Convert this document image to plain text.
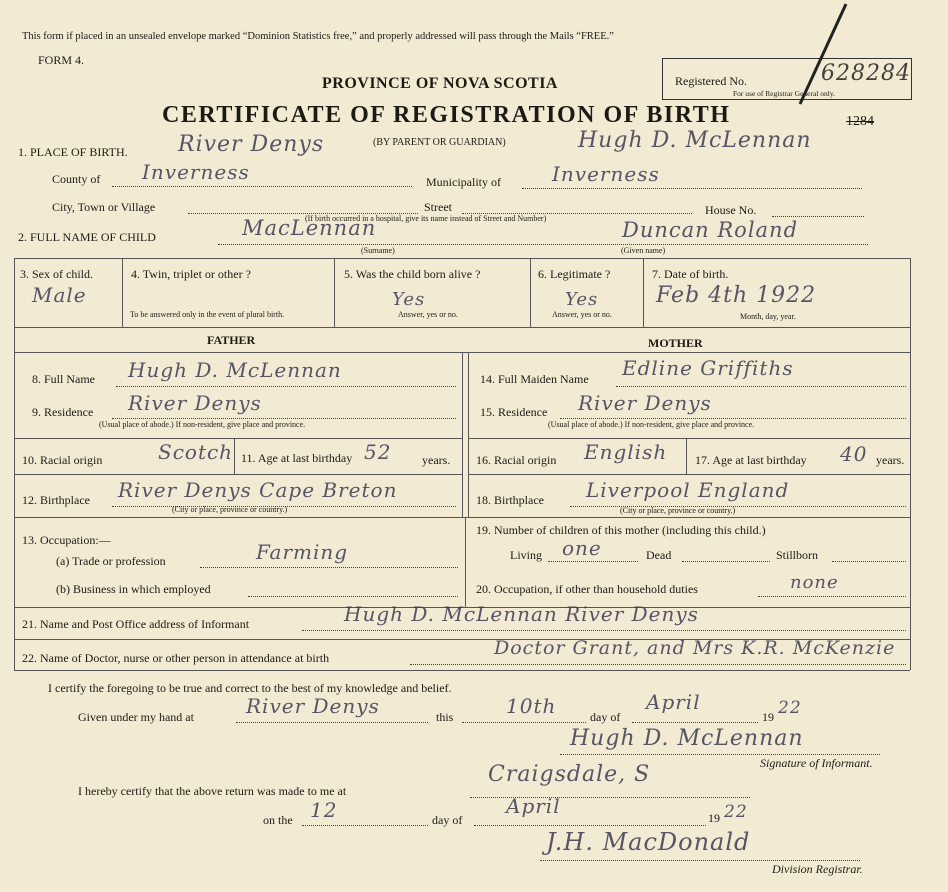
This form if placed in an unsealed envelope marked “Dominion Statistics free,” and properly addressed will pass through the Mails “FREE.”
FORM 4.
Registered No.	628284
For use of Registrar General only.
1284
PROVINCE OF NOVA SCOTIA
CERTIFICATE OF REGISTRATION OF BIRTH
1. PLACE OF BIRTH. River Denys	(BY PARENT OR GUARDIAN)	Hugh D. McLennan
County of Inverness	Municipality of	Inverness
City, Town or Village	Street	House No.
(If birth occurred in a hospital, give its name instead of Street and Number)
2. FULL NAME OF CHILD	MacLennan
(Surname)
Duncan Roland
(Given name)
3. Sex of child.
Male
4. Twin, triplet or other ?
To be answered only in the event of plural birth.
5. Was the child born alive ?
Yes
Answer, yes or no.
6. Legitimate ?
Yes
Answer, yes or no.
7. Date of birth.
Feb 4th 1922
Month, day, year.
FATHER	MOTHER
8. Full Name Hugh D. McLennan
9. Residence River Denys
(Usual place of abode.) If non-resident, give place and province.
10. Racial origin	Scotch 11. Age at last birthday 52	years.
12. Birthplace River Denys Cape Breton
(City or place, province or country.)
14. Full Maiden Name Edline Griffiths
15. Residence River Denys
(Usual place of abode.) If non-resident, give place and province.
16. Racial origin English 17. Age at last birthday 40 years.
18. Birthplace Liverpool England
(City or place, province or country.)
13. Occupation:—
(a) Trade or profession	Farming
(b) Business in which employed
19. Number of children of this mother (including this child.)
Living one	Dead	Stillborn
20. Occupation, if other than household duties	none
21. Name and Post Office address of Informant	Hugh D. McLennan River Denys
22. Name of Doctor, nurse or other person in attendance at birth	Doctor Grant, and Mrs K.R. McKenzie
I certify the foregoing to be true and correct to the best of my knowledge and belief.
Given under my hand at	River Denys	this	10th	day of
April
19 22
Hugh D. McLennan
Signature of Informant.
I hereby certify that the above return was made to me at
Craigsdale, S
on the 12	day of
April	19 22
J.H. MacDonald
Division Registrar.
